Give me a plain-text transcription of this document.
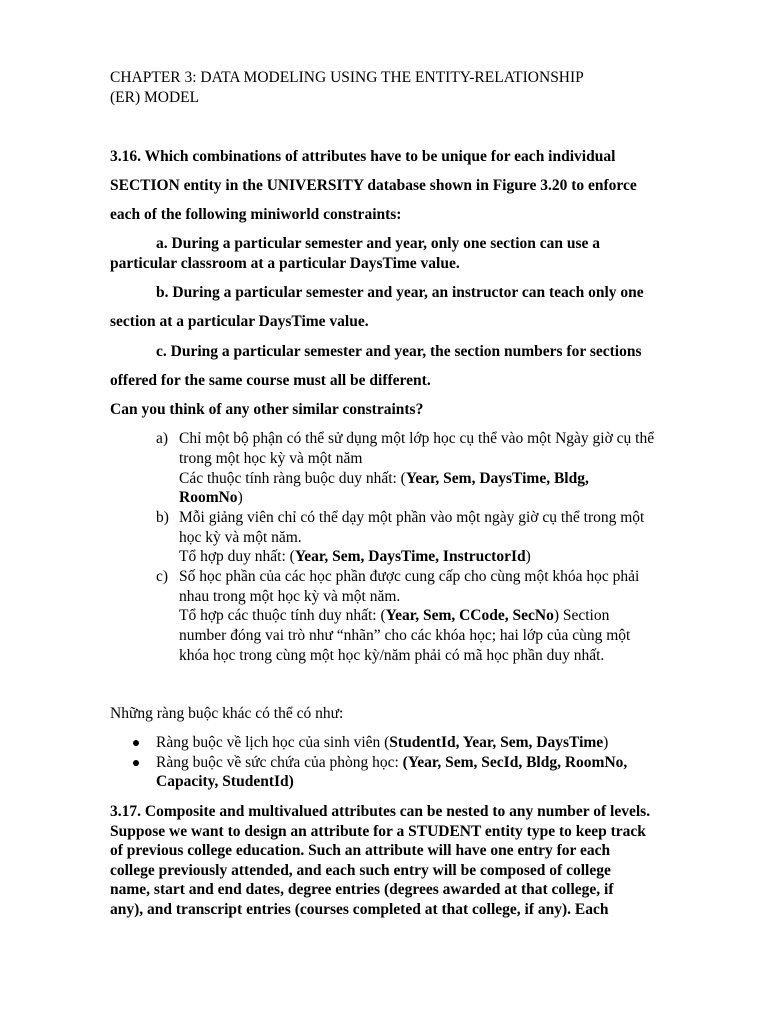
CHAPTER 3: DATA MODELING USING THE ENTITY-RELATIONSHIP
(ER) MODEL
3.16. Which combinations of attributes have to be unique for each individual
SECTION entity in the UNIVERSITY database shown in Figure 3.20 to enforce
each of the following miniworld constraints:
a. During a particular semester and year, only one section can use a
particular classroom at a particular DaysTime value.
b. During a particular semester and year, an instructor can teach only one
section at a particular DaysTime value.
c. During a particular semester and year, the section numbers for sections
offered for the same course must all be different.
Can you think of any other similar constraints?
a) Chỉ một bộ phận có thể sử dụng một lớp học cụ thể vào một Ngày giờ cụ thể
trong một học kỳ và một năm
Các thuộc tính ràng buộc duy nhất: (Year, Sem, DaysTime, Bldg,
RoomNo)
b) Mỗi giảng viên chỉ có thể dạy một phần vào một ngày giờ cụ thể trong một
học kỳ và một năm.
Tổ hợp duy nhất: (Year, Sem, DaysTime, InstructorId)
c) Số học phần của các học phần được cung cấp cho cùng một khóa học phải
nhau trong một học kỳ và một năm.
Tổ hợp các thuộc tính duy nhất: (Year, Sem, CCode, SecNo) Section
number đóng vai trò như “nhãn” cho các khóa học; hai lớp của cùng một
khóa học trong cùng một học kỳ/năm phải có mã học phần duy nhất.
Những ràng buộc khác có thể có như:
Ràng buộc về lịch học của sinh viên (StudentId, Year, Sem, DaysTime)
Ràng buộc về sức chứa của phòng học: (Year, Sem, SecId, Bldg, RoomNo,
Capacity, StudentId)
3.17. Composite and multivalued attributes can be nested to any number of levels.
Suppose we want to design an attribute for a STUDENT entity type to keep track
of previous college education. Such an attribute will have one entry for each
college previously attended, and each such entry will be composed of college
name, start and end dates, degree entries (degrees awarded at that college, if
any), and transcript entries (courses completed at that college, if any). Each
